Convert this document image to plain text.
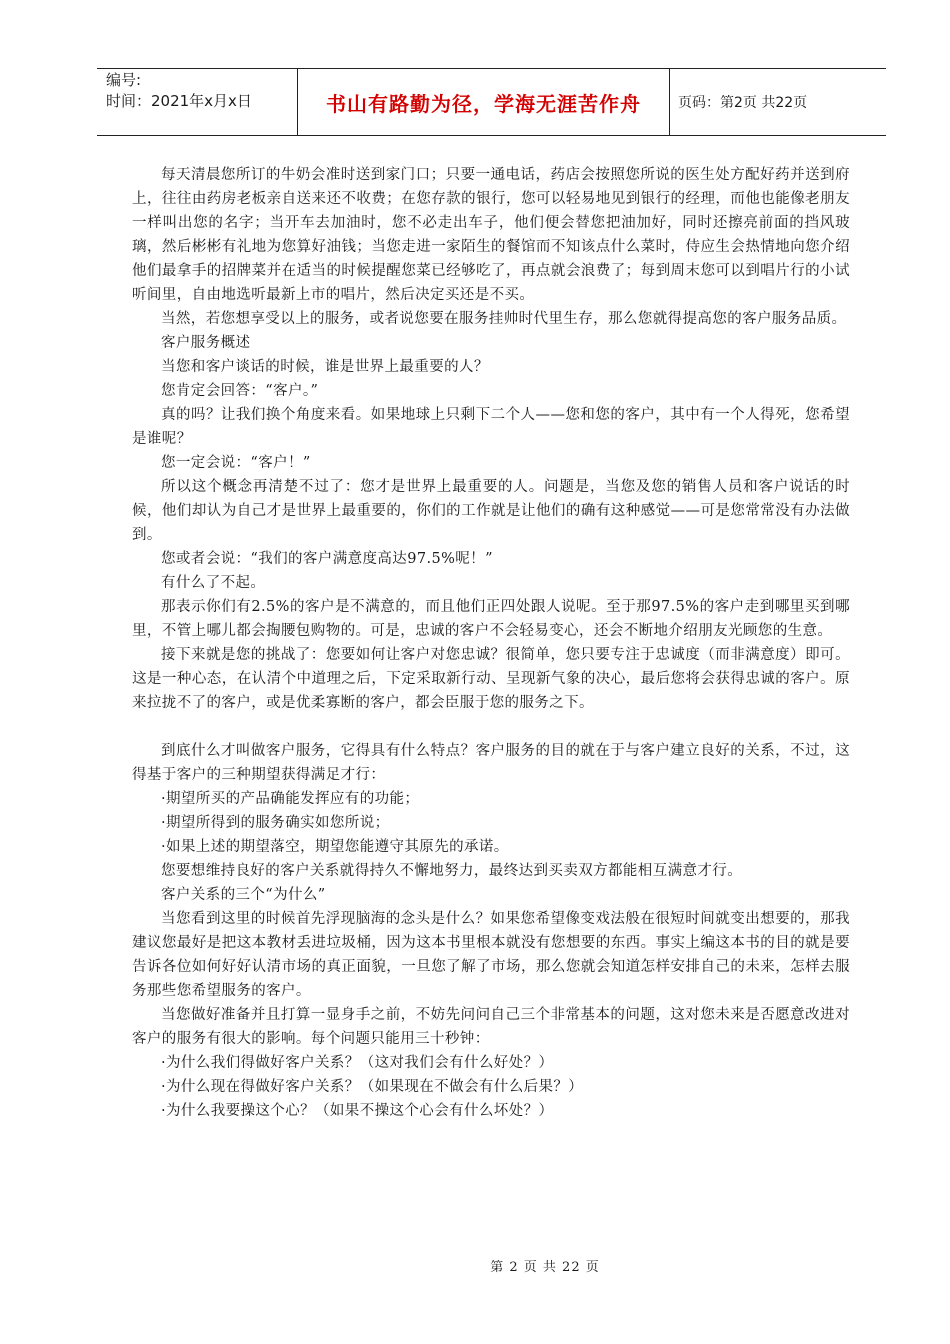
编号:
时间：2021年x月x日	书山有路勤为径，学海无涯苦作舟	页码：第2页 共22页

每天清晨您所订的牛奶会准时送到家门口；只要一通电话，药店会按照您所说的医生处方配好药并送到府上，往往由药房老板亲自送来还不收费；在您存款的银行，您可以轻易地见到银行的经理，而他也能像老朋友一样叫出您的名字；当开车去加油时，您不必走出车子，他们便会替您把油加好，同时还擦亮前面的挡风玻璃，然后彬彬有礼地为您算好油钱；当您走进一家陌生的餐馆而不知该点什么菜时，侍应生会热情地向您介绍他们最拿手的招牌菜并在适当的时候提醒您菜已经够吃了，再点就会浪费了；每到周末您可以到唱片行的小试听间里，自由地选听最新上市的唱片，然后决定买还是不买。

当然，若您想享受以上的服务，或者说您要在服务挂帅时代里生存，那么您就得提高您的客户服务品质。

客户服务概述

当您和客户谈话的时候，谁是世界上最重要的人？

您肯定会回答：“客户。”

真的吗？让我们换个角度来看。如果地球上只剩下二个人——您和您的客户，其中有一个人得死，您希望是谁呢？

您一定会说：“客户！”

所以这个概念再清楚不过了：您才是世界上最重要的人。问题是，当您及您的销售人员和客户说话的时候，他们却认为自己才是世界上最重要的，你们的工作就是让他们的确有这种感觉——可是您常常没有办法做到。

您或者会说：“我们的客户满意度高达97.5%呢！”

有什么了不起。

那表示你们有2.5%的客户是不满意的，而且他们正四处跟人说呢。至于那97.5%的客户走到哪里买到哪里，不管上哪儿都会掏腰包购物的。可是，忠诚的客户不会轻易变心，还会不断地介绍朋友光顾您的生意。

接下来就是您的挑战了：您要如何让客户对您忠诚？很简单，您只要专注于忠诚度（而非满意度）即可。这是一种心态，在认清个中道理之后，下定采取新行动、呈现新气象的决心，最后您将会获得忠诚的客户。原来拉拢不了的客户，或是优柔寡断的客户，都会臣服于您的服务之下。

到底什么才叫做客户服务，它得具有什么特点？客户服务的目的就在于与客户建立良好的关系，不过，这得基于客户的三种期望获得满足才行：

·期望所买的产品确能发挥应有的功能；

·期望所得到的服务确实如您所说；

·如果上述的期望落空，期望您能遵守其原先的承诺。

您要想维持良好的客户关系就得持久不懈地努力，最终达到买卖双方都能相互满意才行。

客户关系的三个“为什么”

当您看到这里的时候首先浮现脑海的念头是什么？如果您希望像变戏法般在很短时间就变出想要的，那我建议您最好是把这本教材丢进垃圾桶，因为这本书里根本就没有您想要的东西。事实上编这本书的目的就是要告诉各位如何好好认清市场的真正面貌，一旦您了解了市场，那么您就会知道怎样安排自己的未来，怎样去服务那些您希望服务的客户。

当您做好准备并且打算一显身手之前，不妨先问问自己三个非常基本的问题，这对您未来是否愿意改进对客户的服务有很大的影响。每个问题只能用三十秒钟：

·为什么我们得做好客户关系？（这对我们会有什么好处？）

·为什么现在得做好客户关系？（如果现在不做会有什么后果？）

·为什么我要操这个心？（如果不操这个心会有什么坏处？）

第 2 页 共 22 页
